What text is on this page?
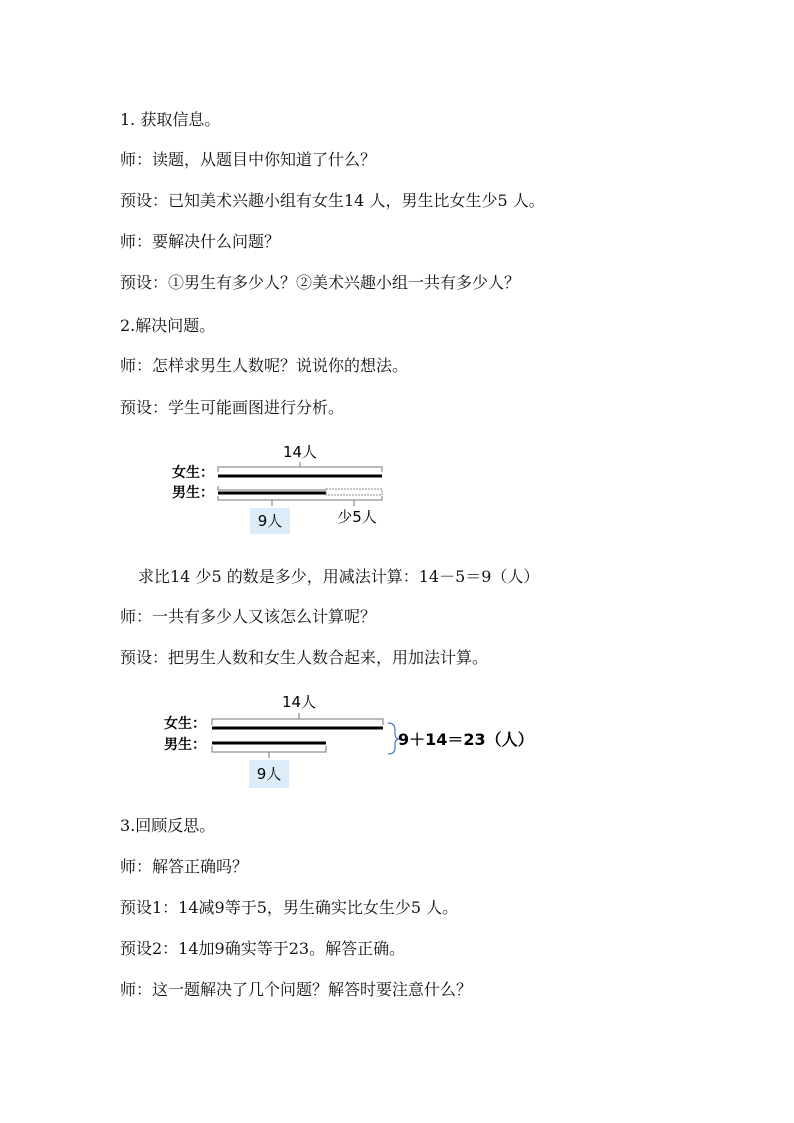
1. 获取信息。
师：读题，从题目中你知道了什么？
预设：已知美术兴趣小组有女生14 人，男生比女生少5 人。
师：要解决什么问题？
预设：①男生有多少人？②美术兴趣小组一共有多少人？
2.解决问题。
师：怎样求男生人数呢？说说你的想法。
预设：学生可能画图进行分析。
14人
女生：
男生：
9人	少5人
求比14 少5 的数是多少，用减法计算：14－5＝9（人）
师：一共有多少人又该怎么计算呢？
预设：把男生人数和女生人数合起来，用加法计算。
14人
女生：
男生：
9人
9＋14＝23（人）
3.回顾反思。
师：解答正确吗？
预设1：14减9等于5，男生确实比女生少5 人。
预设2：14加9确实等于23。解答正确。
师：这一题解决了几个问题？解答时要注意什么？
